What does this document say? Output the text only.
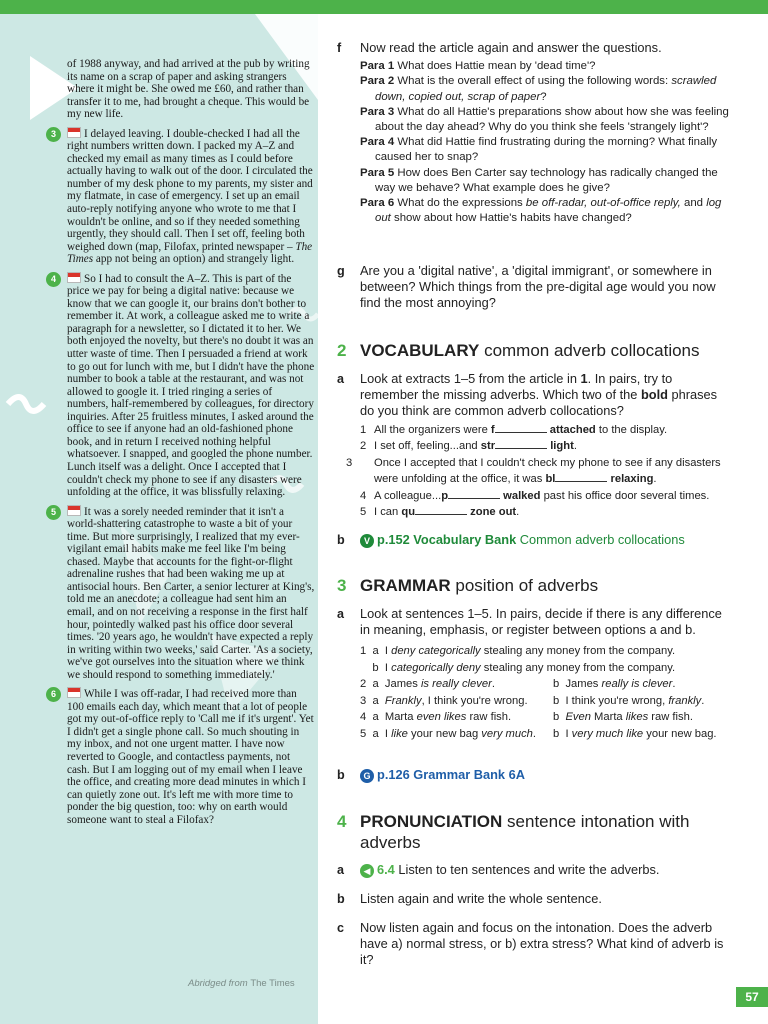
of 1988 anyway, and had arrived at the pub by writing its name on a scrap of paper and asking strangers where it might be. She owed me £60, and rather than transfer it to me, had brought a cheque. This would be my new life.

3	I delayed leaving. I double-checked I had all the right numbers written down. I packed my A–Z and checked my email as many times as I could before actually having to walk out of the door. I circulated the number of my desk phone to my parents, my sister and my flatmate, in case of emergency. I set up an email auto-reply notifying anyone who wrote to me that I wouldn't be online, and so if they needed something urgently, they should call. Then I set off, feeling both weighed down (map, Filofax, printed newspaper – The Times app not being an option) and strangely light.

4	So I had to consult the A–Z. This is part of the price we pay for being a digital native: because we know that we can google it, our brains don't bother to remember it. At work, a colleague asked me to write a paragraph for a newsletter, so I dictated it to her. We both enjoyed the novelty, but there's no doubt it was an utter waste of time. Then I persuaded a friend at work to go out for lunch with me, but I didn't have the phone number to book a table at the restaurant, and was not allowed to google it. I tried ringing a series of numbers, half-remembered by colleagues, for directory inquiries. After 25 fruitless minutes, I asked around the office to see if anyone had an old-fashioned phone book, and in return I received nothing helpful whatsoever. I snapped, and googled the phone number. Lunch itself was a delight. Once I accepted that I couldn't check my phone to see if any disasters were unfolding at the office, it was blissfully relaxing.

5	It was a sorely needed reminder that it isn't a world-shattering catastrophe to waste a bit of your time. But more surprisingly, I realized that my ever-vigilant email habits make me feel like I'm being chased. Maybe that accounts for the fight-or-flight adrenaline rushes that had been waking me up at antisocial hours. Ben Carter, a senior lecturer at King's, told me an anecdote; a colleague had sent him an email, and on not receiving a response in the first half hour, pointedly walked past his office door several times. '20 years ago, he wouldn't have expected a reply in writing within two weeks,' said Carter. 'As a society, we've got ourselves into the situation where we think we should respond to something immediately.'

6	While I was off-radar, I had received more than 100 emails each day, which meant that a lot of people got my out-of-office reply to 'Call me if it's urgent'. Yet I didn't get a single phone call. So much shouting in my inbox, and not one urgent matter. I have now reverted to Google, and contactless payments, not cash. But I am logging out of my email when I leave the office, and creating more dead minutes in which I can quietly zone out. It's left me with more time to ponder the big question, too: why on earth would someone want to steal a Filofax?

Abridged from The Times
f Now read the article again and answer the questions.
Para 1 What does Hattie mean by 'dead time'?
Para 2 What is the overall effect of using the following words: scrawled down, copied out, scrap of paper?
Para 3 What do all Hattie's preparations show about how she was feeling about the day ahead? Why do you think she feels 'strangely light'?
Para 4 What did Hattie find frustrating during the morning? What finally caused her to snap?
Para 5 How does Ben Carter say technology has radically changed the way we behave? What example does he give?
Para 6 What do the expressions be off-radar, out-of-office reply, and log out show about how Hattie's habits have changed?
g Are you a 'digital native', a 'digital immigrant', or somewhere in between? Which things from the pre-digital age would you now find the most annoying?
2 VOCABULARY common adverb collocations
a Look at extracts 1–5 from the article in 1. In pairs, try to remember the missing adverbs. Which two of the bold phrases do you think are common adverb collocations?
1 All the organizers were f	attached to the display.
2 I set off, feeling...and str	light.
3 Once I accepted that I couldn't check my phone to see if any disasters were unfolding at the office, it was bl	relaxing.
4 A colleague...p	walked past his office door several times.
5 I can qu	zone out.
b	V p.152 Vocabulary Bank Common adverb collocations
3 GRAMMAR position of adverbs
a Look at sentences 1–5. In pairs, decide if there is any difference in meaning, emphasis, or register between options a and b.
1  a  I deny categorically stealing any money from the company.
b  I categorically deny stealing any money from the company.
2  a  James is really clever.	b  James really is clever.
3  a  Frankly, I think you're wrong. b  I think you're wrong, frankly.
4  a  Marta even likes raw fish.	b  Even Marta likes raw fish.
5  a  I like your new bag very much. b  I very much like your new bag.
b	G p.126 Grammar Bank 6A
4 PRONUNCIATION sentence intonation with adverbs
a	◀ 6.4 Listen to ten sentences and write the adverbs.
b Listen again and write the whole sentence.
c Now listen again and focus on the intonation. Does the adverb have a) normal stress, or b) extra stress? What kind of adverb is it?
57
